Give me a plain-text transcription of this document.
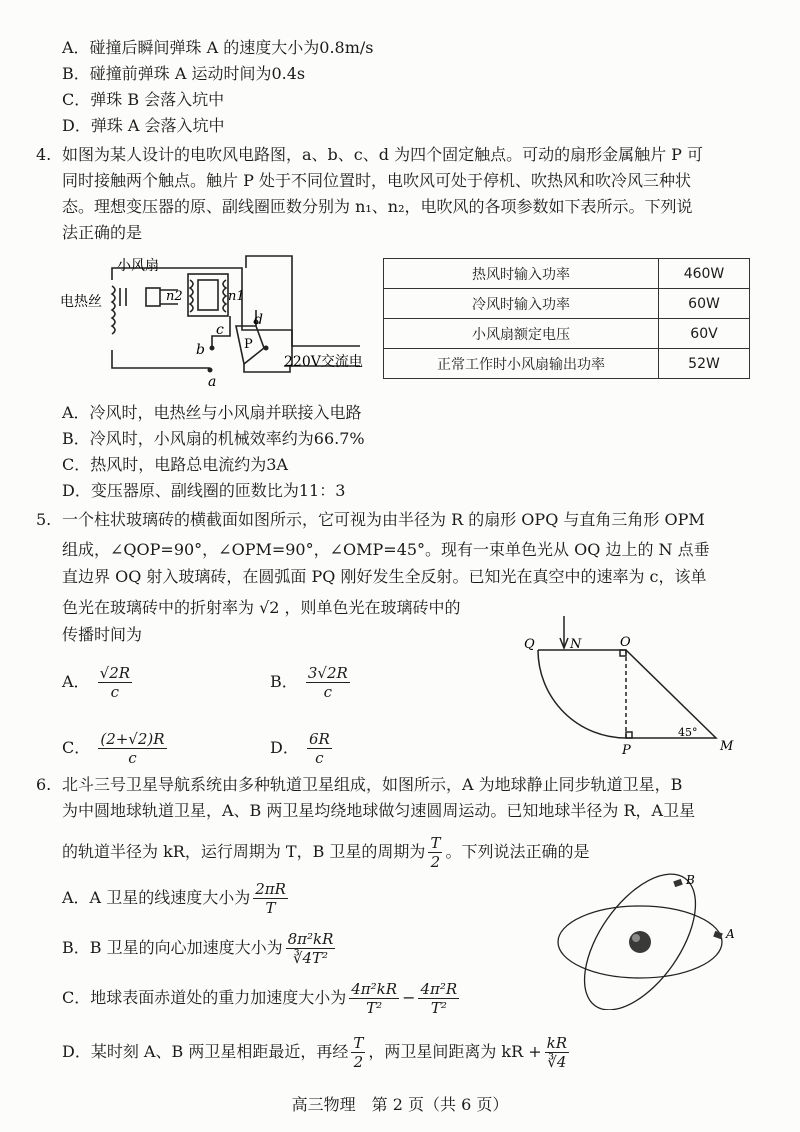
A．碰撞后瞬间弹珠 A 的速度大小为0.8m/s
B．碰撞前弹珠 A 运动时间为0.4s
C．弹珠 B 会落入坑中
D．弹珠 A 会落入坑中
4. 如图为某人设计的电吹风电路图，a、b、c、d 为四个固定触点。可动的扇形金属触片 P 可
同时接触两个触点。触片 P 处于不同位置时，电吹风可处于停机、吹热风和吹冷风三种状
态。理想变压器的原、副线圈匝数分别为 n₁、n₂，电吹风的各项参数如下表所示。下列说
法正确的是
小风扇
电热丝	n2	n1
c
d
b
a
P
220V交流电
热风时输入功率	460W
冷风时输入功率	60W
小风扇额定电压	60V
正常工作时小风扇输出功率	52W
A．冷风时，电热丝与小风扇并联接入电路
B．冷风时，小风扇的机械效率约为66.7%
C．热风时，电路总电流约为3A
D．变压器原、副线圈的匝数比为11：3
5. 一个柱状玻璃砖的横截面如图所示，它可视为由半径为 R 的扇形 OPQ 与直角三角形 OPM
组成，∠QOP=90°，∠OPM=90°，∠OMP=45°。现有一束单色光从 OQ 边上的 N 点垂
直边界 OQ 射入玻璃砖，在圆弧面 PQ 刚好发生全反射。已知光在真空中的速率为 c，该单
色光在玻璃砖中的折射率为 √2 ，则单色光在玻璃砖中的
传播时间为
A． $\frac{√2R}{c}$	B． $\frac{3√2R}{c}$
C． $\frac{(2+√2)R}{c}$	D． $\frac{6R}{c}$
Q	N	O
P	M
45°
6. 北斗三号卫星导航系统由多种轨道卫星组成，如图所示，A 为地球静止同步轨道卫星，B
为中圆地球轨道卫星，A、B 两卫星均绕地球做匀速圆周运动。已知地球半径为 R，A卫星
的轨道半径为 kR，运行周期为 T，B 卫星的周期为 $\frac{T}{2}$ 。下列说法正确的是
A．A 卫星的线速度大小为 $\frac{2\pi R}{T}$
B．B 卫星的向心加速度大小为 $\frac{\text{8π²kR}}{\text{∛4T²}}$
C．地球表面赤道处的重力加速度大小为 $\frac{\text{4π²kR}}{\text{T²}} - \frac{\text{4π²R}}{\text{T²}}$
D．某时刻 A、B 两卫星相距最近，再经 $\frac{T}{2}$ ，两卫星间距离为 kR + $\frac{kR}{∛4}$
B
A
高三物理　第 2 页（共 6 页）
